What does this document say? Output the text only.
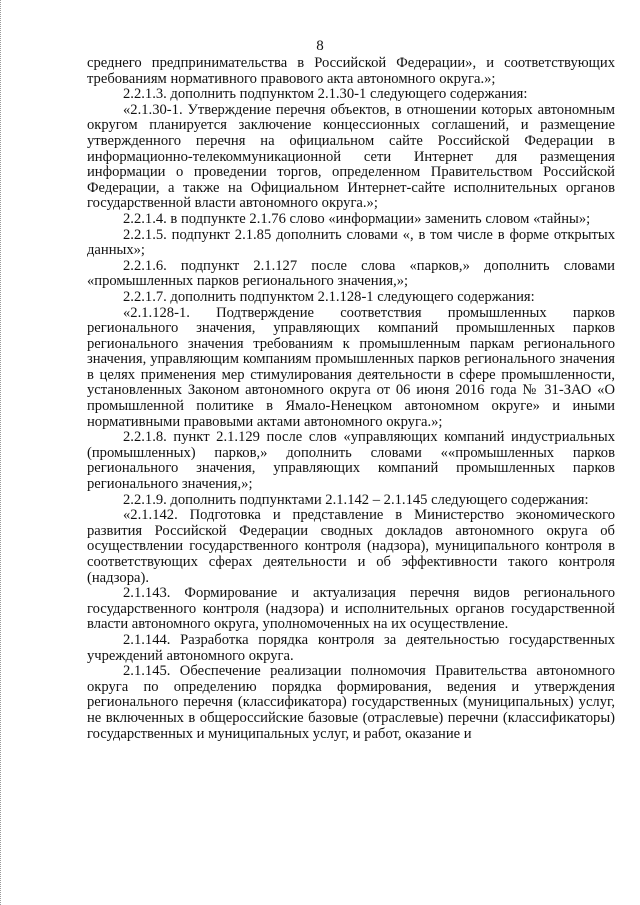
8

среднего предпринимательства в Российской Федерации», и соответствующих требованиям нормативного правового акта автономного округа.»;

2.2.1.3. дополнить подпунктом 2.1.30-1 следующего содержания:

«2.1.30-1. Утверждение перечня объектов, в отношении которых автономным округом планируется заключение концессионных соглашений, и размещение утвержденного перечня на официальном сайте Российской Федерации в информационно-телекоммуникационной сети Интернет для размещения информации о проведении торгов, определенном Правительством Российской Федерации, а также на Официальном Интернет-сайте исполнительных органов государственной власти автономного округа.»;

2.2.1.4. в подпункте 2.1.76 слово «информации» заменить словом «тайны»;

2.2.1.5. подпункт 2.1.85 дополнить словами «, в том числе в форме открытых данных»;

2.2.1.6. подпункт 2.1.127 после слова «парков,» дополнить словами «промышленных парков регионального значения,»;

2.2.1.7. дополнить подпунктом 2.1.128-1 следующего содержания:

«2.1.128-1. Подтверждение соответствия промышленных парков регионального значения, управляющих компаний промышленных парков регионального значения требованиям к промышленным паркам регионального значения, управляющим компаниям промышленных парков регионального значения в целях применения мер стимулирования деятельности в сфере промышленности, установленных Законом автономного округа от 06 июня 2016 года № 31-ЗАО «О промышленной политике в Ямало-Ненецком автономном округе» и иными нормативными правовыми актами автономного округа.»;

2.2.1.8. пункт 2.1.129 после слов «управляющих компаний индустриальных (промышленных) парков,» дополнить словами ««промышленных парков регионального значения, управляющих компаний промышленных парков регионального значения,»;

2.2.1.9. дополнить подпунктами 2.1.142 – 2.1.145 следующего содержания:

«2.1.142. Подготовка и представление в Министерство экономического развития Российской Федерации сводных докладов автономного округа об осуществлении государственного контроля (надзора), муниципального контроля в соответствующих сферах деятельности и об эффективности такого контроля (надзора).

2.1.143. Формирование и актуализация перечня видов регионального государственного контроля (надзора) и исполнительных органов государственной власти автономного округа, уполномоченных на их осуществление.

2.1.144. Разработка порядка контроля за деятельностью государственных учреждений автономного округа.

2.1.145. Обеспечение реализации полномочия Правительства автономного округа по определению порядка формирования, ведения и утверждения регионального перечня (классификатора) государственных (муниципальных) услуг, не включенных в общероссийские базовые (отраслевые) перечни (классификаторы) государственных и муниципальных услуг, и работ, оказание и
